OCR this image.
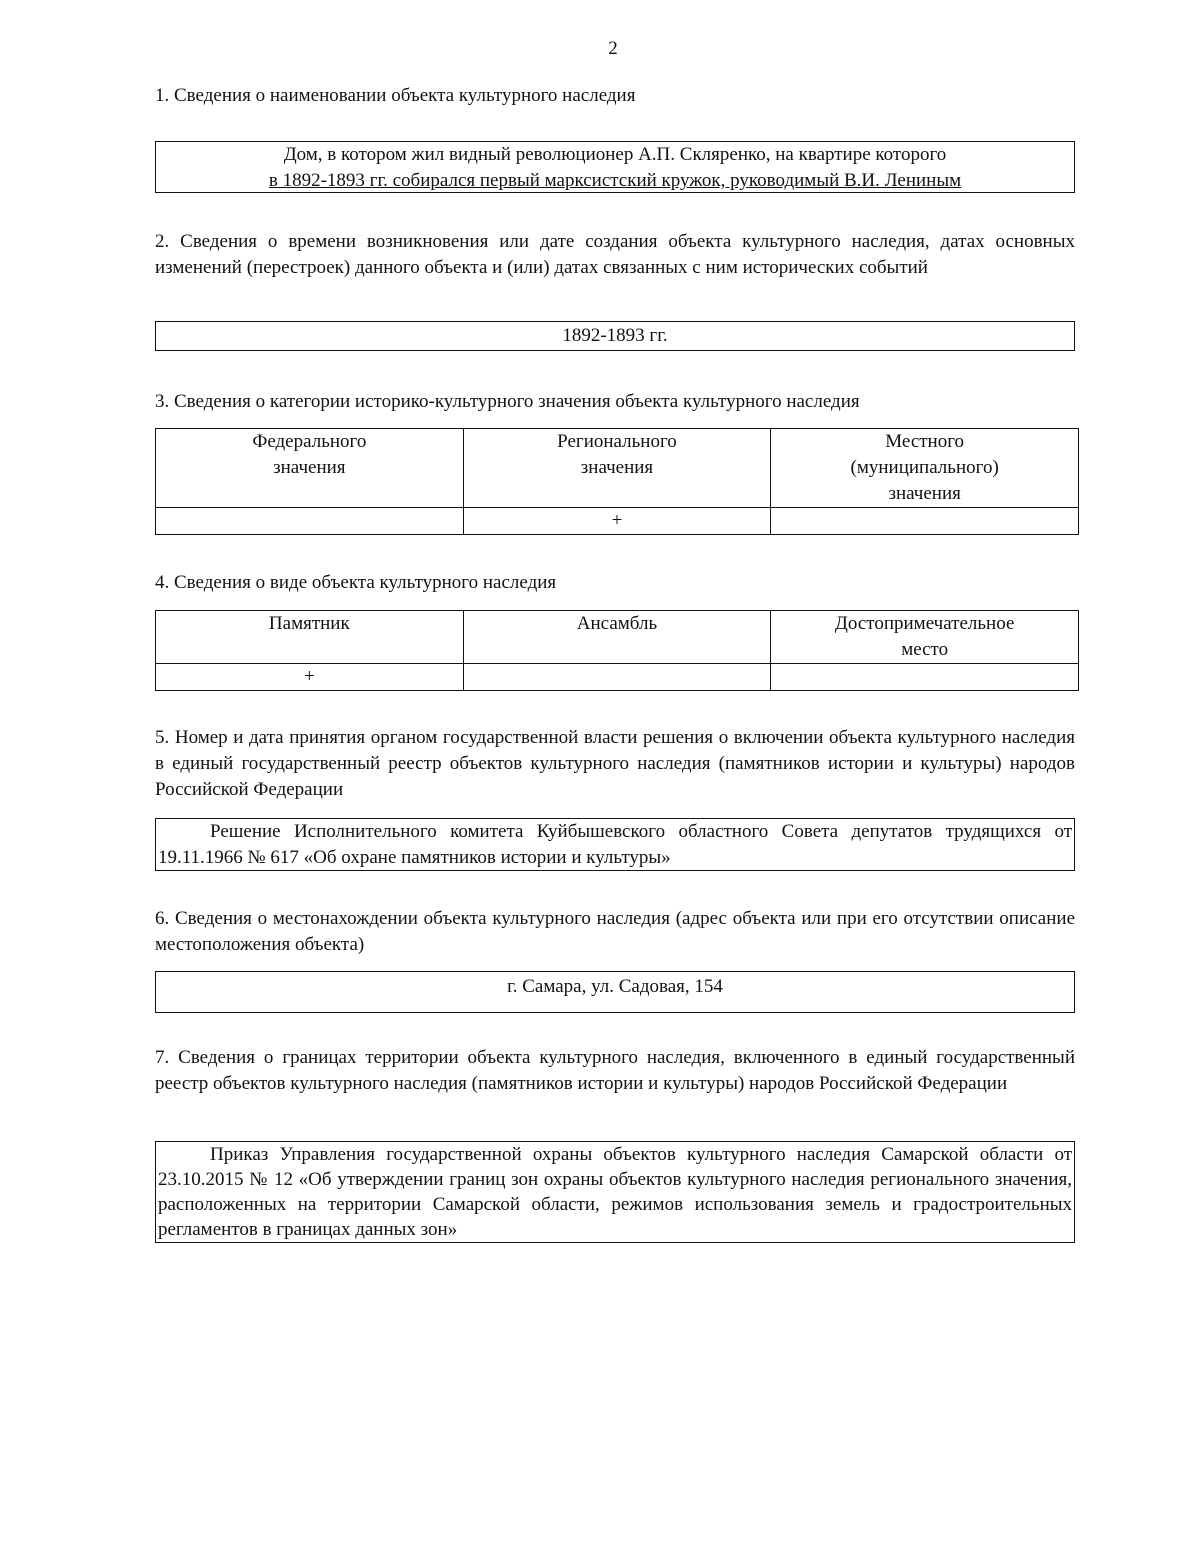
2
1. Сведения о наименовании объекта культурного наследия
Дом, в котором жил видный революционер А.П. Скляренко, на квартире которого
в 1892-1893 гг. собирался первый марксистский кружок, руководимый В.И. Лениным
2. Сведения о времени возникновения или дате создания объекта культурного наследия, датах основных изменений (перестроек) данного объекта и (или) датах связанных с ним исторических событий
1892-1893 гг.
3. Сведения о категории историко-культурного значения объекта культурного наследия
Федерального значения	Регионального значения	Местного (муниципального) значения
	+	
4. Сведения о виде объекта культурного наследия
Памятник	Ансамбль	Достопримечательное место
+		
5. Номер и дата принятия органом государственной власти решения о включении объекта культурного наследия в единый государственный реестр объектов культурного наследия (памятников истории и культуры) народов Российской Федерации
Решение Исполнительного комитета Куйбышевского областного Совета депутатов трудящихся от 19.11.1966 № 617 «Об охране памятников истории и культуры»
6. Сведения о местонахождении объекта культурного наследия (адрес объекта или при его отсутствии описание местоположения объекта)
г. Самара, ул. Садовая, 154
7. Сведения о границах территории объекта культурного наследия, включенного в единый государственный реестр объектов культурного наследия (памятников истории и культуры) народов Российской Федерации
Приказ Управления государственной охраны объектов культурного наследия Самарской области от 23.10.2015 № 12 «Об утверждении границ зон охраны объектов культурного наследия регионального значения, расположенных на территории Самарской области, режимов использования земель и градостроительных регламентов в границах данных зон»
